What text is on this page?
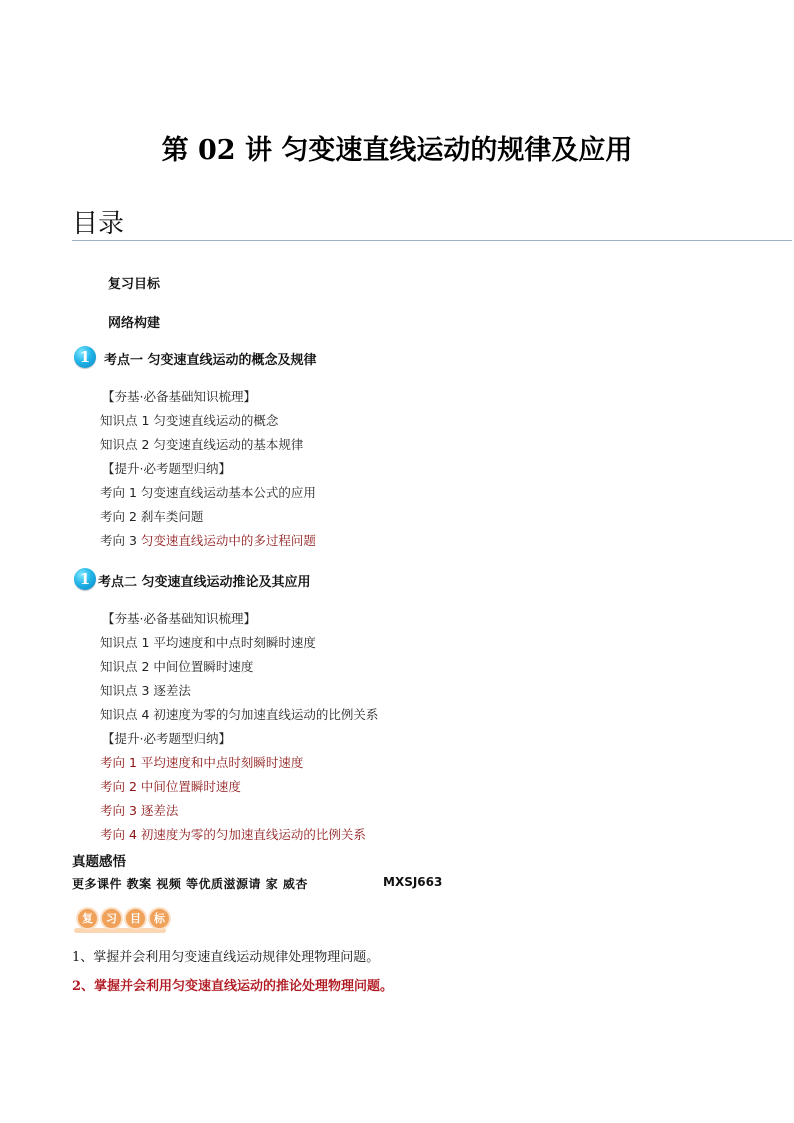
第 02 讲 匀变速直线运动的规律及应用
目录
复习目标
网络构建
1	考点一 匀变速直线运动的概念及规律
【夯基·必备基础知识梳理】
知识点 1 匀变速直线运动的概念
知识点 2 匀变速直线运动的基本规律
【提升·必考题型归纳】
考向 1 匀变速直线运动基本公式的应用
考向 2 刹车类问题
考向 3 匀变速直线运动中的多过程问题
1 考点二 匀变速直线运动推论及其应用
【夯基·必备基础知识梳理】
知识点 1 平均速度和中点时刻瞬时速度
知识点 2 中间位置瞬时速度
知识点 3 逐差法
知识点 4 初速度为零的匀加速直线运动的比例关系
【提升·必考题型归纳】
考向 1 平均速度和中点时刻瞬时速度
考向 2 中间位置瞬时速度
考向 3 逐差法
考向 4 初速度为零的匀加速直线运动的比例关系
真题感悟
更多课件 教案 视频 等优质滋源请 家 威杏	MXSJ663
复 习 目 标
1、掌握并会利用匀变速直线运动规律处理物理问题。
2、掌握并会利用匀变速直线运动的推论处理物理问题。
